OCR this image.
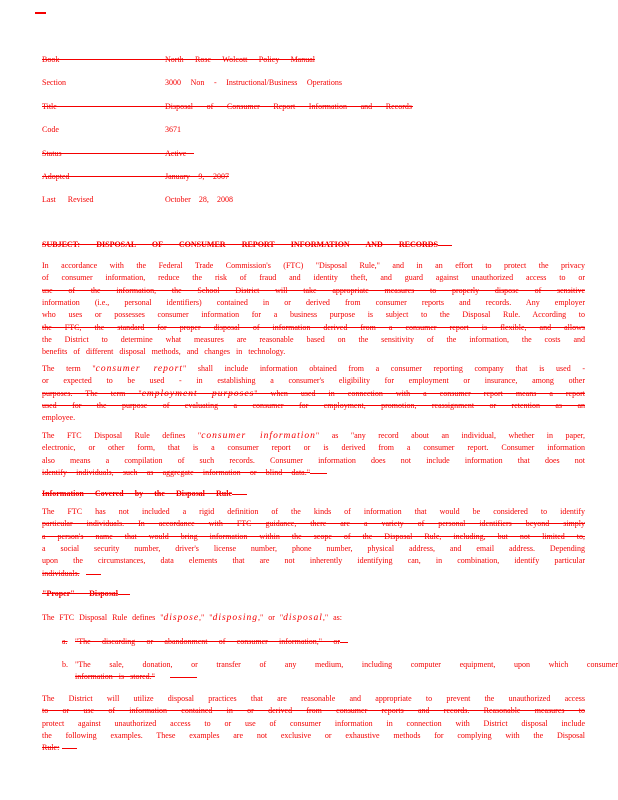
Book	North Rose Wolcott Policy Manual
Section	3000 Non - Instructional/Business Operations
Title	Disposal of Consumer Report Information and Records
Code	3671
Status	Active
Adopted	January 9, 2007
Last Revised	October 28, 2008
SUBJECT: DISPOSAL OF CONSUMER REPORT INFORMATION AND RECORDS
In accordance with the Federal Trade Commission's (FTC) "Disposal Rule," and in an effort to protect the privacy
of consumer information, reduce the risk of fraud and identity theft, and guard against unauthorized access to or
use of the information, the School District will take appropriate measures to properly dispose of sensitive
information (i.e., personal identifiers) contained in or derived from consumer reports and records. Any employer
who uses or possesses consumer information for a business purpose is subject to the Disposal Rule. According to
the FTC, the standard for proper disposal of information derived from a consumer report is flexible, and allows
the District to determine what measures are reasonable based on the sensitivity of the information, the costs and
benefits of different disposal methods, and changes in technology.
The term "consumer report" shall include information obtained from a consumer reporting company that is used -
or expected to be used - in establishing a consumer's eligibility for employment or insurance, among other
purposes. The term "employment purposes" when used in connection with a consumer report means a report
used for the purpose of evaluating a consumer for employment, promotion, reassignment or retention as an
employee.
The FTC Disposal Rule defines "consumer information" as "any record about an individual, whether in paper,
electronic, or other form, that is a consumer report or is derived from a consumer report. Consumer information
also means a compilation of such records. Consumer information does not include information that does not
identify individuals, such as aggregate information or blind data."
Information Covered by the Disposal Rule
The FTC has not included a rigid definition of the kinds of information that would be considered to identify
particular individuals. In accordance with FTC guidance, there are a variety of personal identifiers beyond simply
a person's name that would bring information within the scope of the Disposal Rule, including, but not limited to,
a social security number, driver's license number, phone number, physical address, and email address. Depending
upon the circumstances, data elements that are not inherently identifying can, in combination, identify particular
individuals.
"Proper" Disposal
The FTC Disposal Rule defines "dispose," "disposing," or "disposal," as:
a. "The discarding or abandonment of consumer information," or
b. "The sale, donation, or transfer of any medium, including computer equipment, upon which consumer
information is stored."
The District will utilize disposal practices that are reasonable and appropriate to prevent the unauthorized access
to or use of information contained in or derived from consumer reports and records. Reasonable measures to
protect against unauthorized access to or use of consumer information in connection with District disposal include
the following examples. These examples are not exclusive or exhaustive methods for complying with the Disposal
Rule:
